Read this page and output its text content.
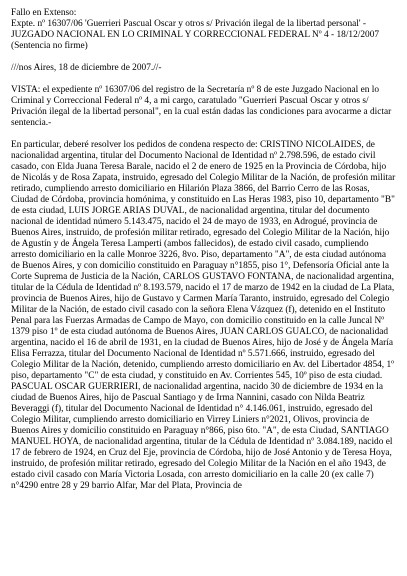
Fallo en Extenso:

Expte. nº 16307/06 'Guerrieri Pascual Oscar y otros s/ Privación ilegal de la libertad personal' - JUZGADO NACIONAL EN LO CRIMINAL Y CORRECCIONAL FEDERAL Nº 4 - 18/12/2007 (Sentencia no firme)

///nos Aires, 18 de diciembre de 2007.//-

VISTA: el expediente nº 16307/06 del registro de la Secretaría nº 8 de este Juzgado Nacional en lo Criminal y Correccional Federal nº 4, a mi cargo, caratulado "Guerrieri Pascual Oscar y otros s/ Privación ilegal de la libertad personal", en la cual están dadas las condiciones para avocarme a dictar sentencia.-

En particular, deberé resolver los pedidos de condena respecto de: CRISTINO NICOLAIDES, de nacionalidad argentina, titular del Documento Nacional de Identidad nº 2.798.596, de estado civil casado, con Elda Juana Teresa Barale, nacido el 2 de enero de 1925 en la Provincia de Córdoba, hijo de Nicolás y de Rosa Zapata, instruido, egresado del Colegio Militar de la Nación, de profesión militar retirado, cumpliendo arresto domiciliario en Hilarión Plaza 3866, del Barrio Cerro de las Rosas, Ciudad de Córdoba, provincia homónima, y constituido en Las Heras 1983, piso 10, departamento "B" de esta ciudad, LUIS JORGE ARIAS DUVAL, de nacionalidad argentina, titular del documento nacional de identidad número 5.143.475, nacido el 24 de mayo de 1933, en Adrogué, provincia de Buenos Aires, instruido, de profesión militar retirado, egresado del Colegio Militar de la Nación, hijo de Agustín y de Ángela Teresa Lamperti (ambos fallecidos), de estado civil casado, cumpliendo arresto domiciliario en la calle Monroe 3226, 8vo. Piso, departamento "A", de esta ciudad autónoma de Buenos Aires, y con domicilio constituido en Paraguay n°1855, piso 1°, Defensoría Oficial ante la Corte Suprema de Justicia de la Nación, CARLOS GUSTAVO FONTANA, de nacionalidad argentina, titular de la Cédula de Identidad nº 8.193.579, nacido el 17 de marzo de 1942 en la ciudad de La Plata, provincia de Buenos Aires, hijo de Gustavo y Carmen María Taranto, instruido, egresado del Colegio Militar de la Nación, de estado civil casado con la señora Elena Vázquez (f), detenido en el Instituto Penal para las Fuerzas Armadas de Campo de Mayo, con domicilio constituido en la calle Juncal Nº 1379 piso 1º de esta ciudad autónoma de Buenos Aires, JUAN CARLOS GUALCO, de nacionalidad argentina, nacido el 16 de abril de 1931, en la ciudad de Buenos Aires, hijo de José y de Ángela María Elisa Ferrazza, titular del Documento Nacional de Identidad nº 5.571.666, instruido, egresado del Colegio Militar de la Nación, detenido, cumpliendo arresto domiciliario en Av. del Libertador 4854, 1º piso, departamento "C" de esta ciudad, y constituido en Av. Corrientes 545, 10º piso de esta ciudad. PASCUAL OSCAR GUERRIERI, de nacionalidad argentina, nacido 30 de diciembre de 1934 en la ciudad de Buenos Aires, hijo de Pascual Santiago y de Irma Nannini, casado con Nilda Beatriz Beveraggi (f), titular del Documento Nacional de Identidad n° 4.146.061, instruido, egresado del Colegio Militar, cumpliendo arresto domiciliario en Virrey Liniers n°2021, Olivos, provincia de Buenos Aires y domicilio constituido en Paraguay n°866, piso 6to. "A", de esta Ciudad, SANTIAGO MANUEL HOYA, de nacionalidad argentina, titular de la Cédula de Identidad nº 3.084.189, nacido el 17 de febrero de 1924, en Cruz del Eje, provincia de Córdoba, hijo de José Antonio y de Teresa Hoya, instruido, de profesión militar retirado, egresado del Colegio Militar de la Nación en el año 1943, de estado civil casado con María Victoria Losada, con arresto domiciliario en la calle 20 (ex calle 7) n°4290 entre 28 y 29 barrio Alfar, Mar del Plata, Provincia de
